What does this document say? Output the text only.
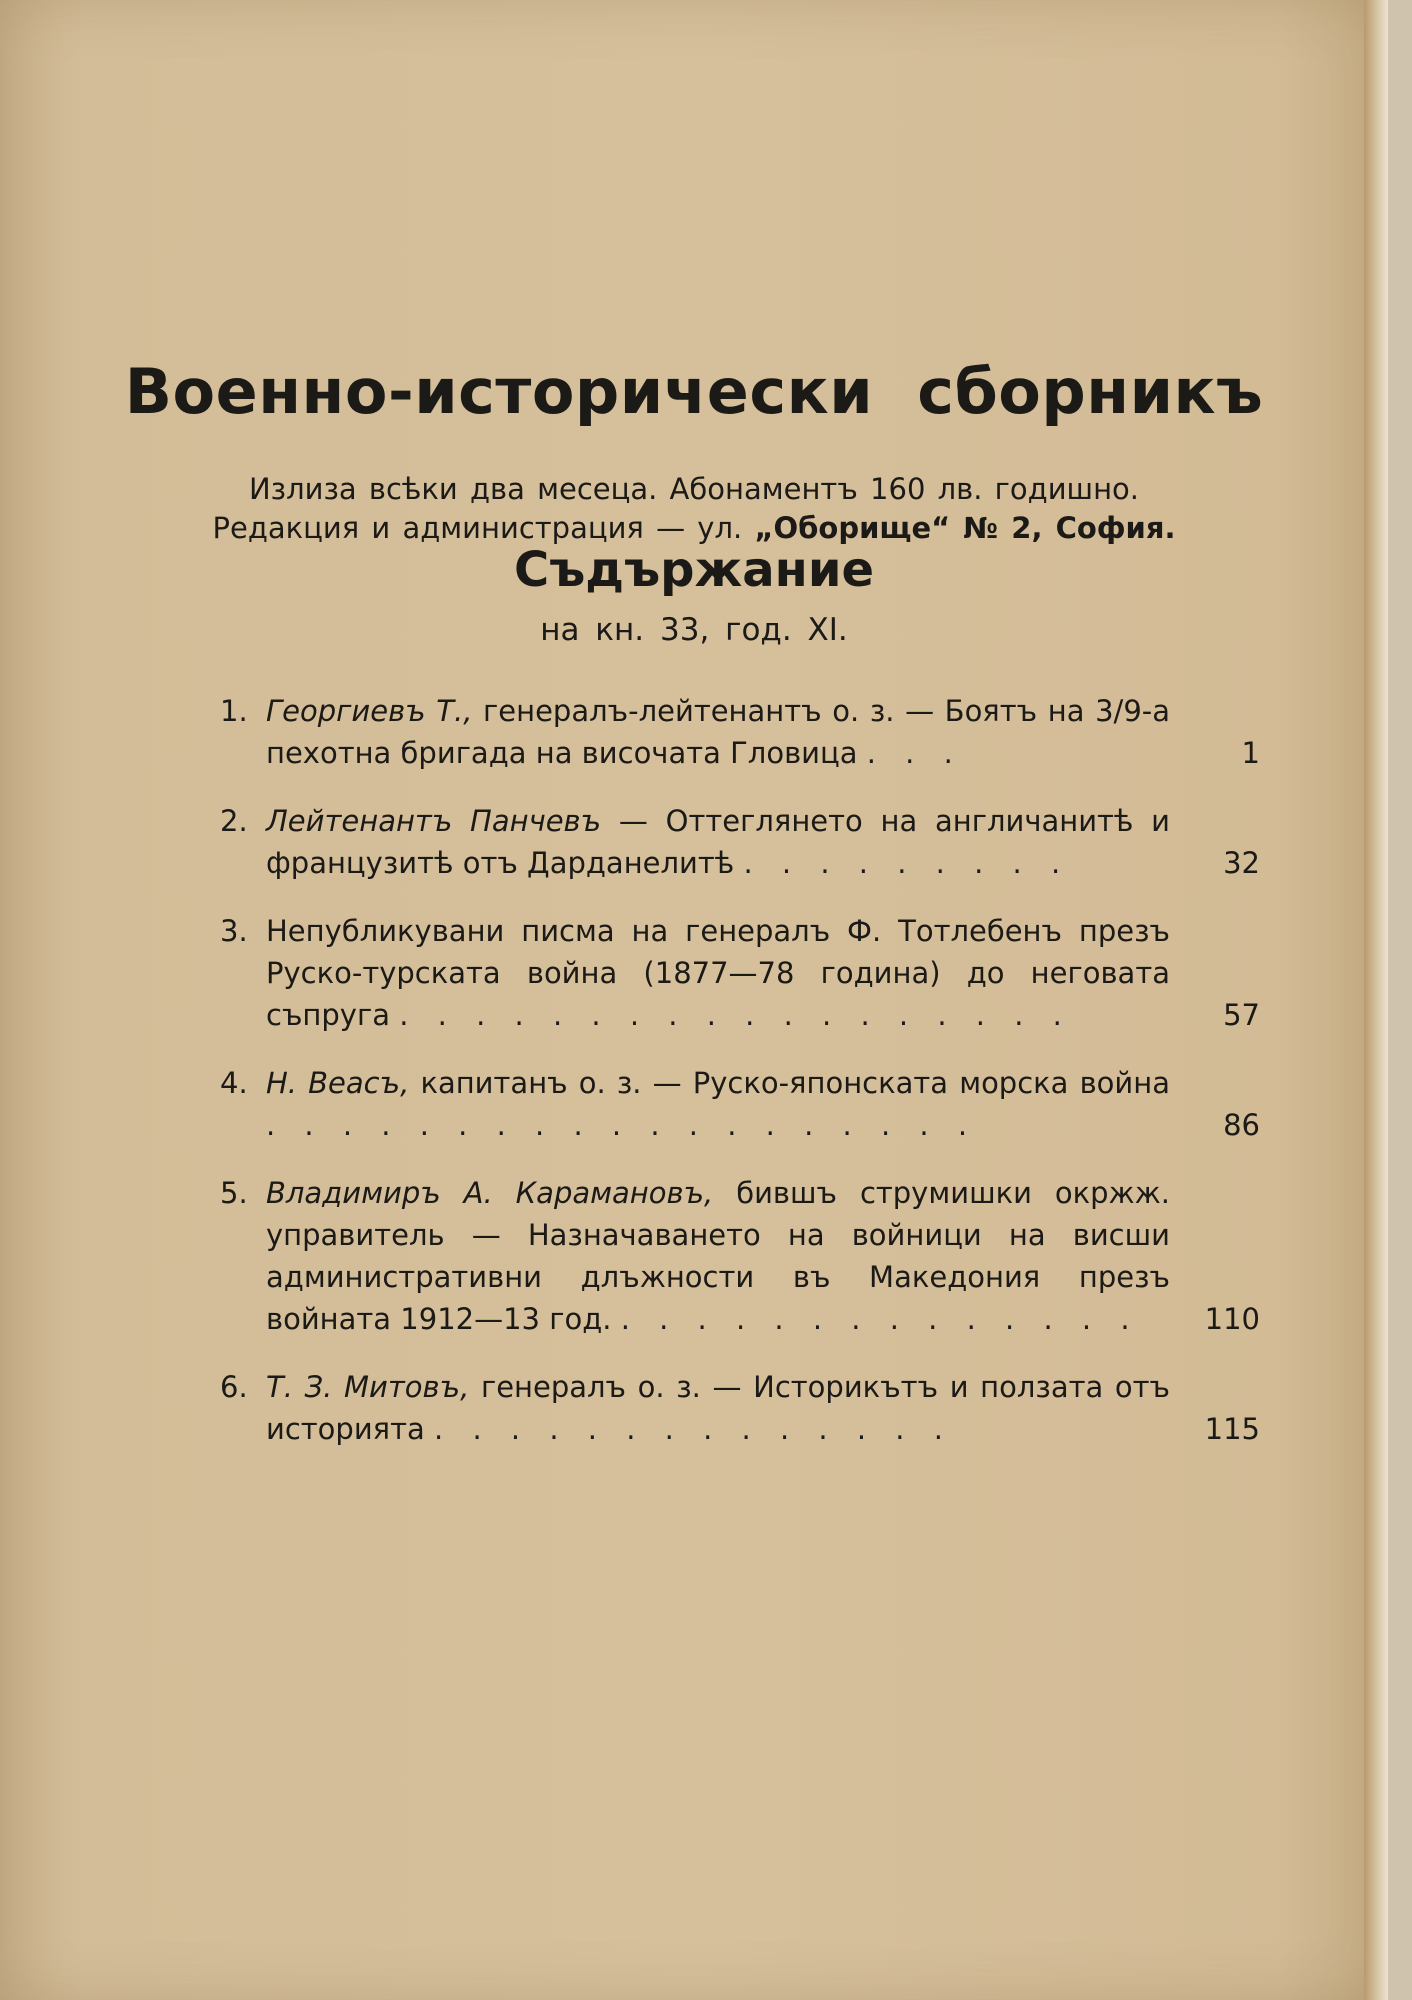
Военно-исторически сборникъ
Излиза всѣки два месеца. Абонаментъ 160 лв. годишно.
Редакция и администрация — ул. „Оборище“ № 2, София.
Съдържание
на кн. 33, год. XI.
1. Георгиевъ Т., генералъ-лейтенантъ о. з. — Боятъ на 3/9-а пехотна бригада на височата Гловица . . .	1
2. Лейтенантъ Панчевъ — Оттеглянето на англичанитѣ и французитѣ отъ Дарданелитѣ . . . . . . . . .	32
3. Непубликувани писма на генералъ Ф. Тотлебенъ презъ Руско-турската война (1877—78 година) до неговата съпруга . . . . . . . . . . . . . . . . . .	57
4. Н. Веасъ, капитанъ о. з. — Руско-японската морска война . . . . . . . . . . . . . . . . . . .	86
5. Владимиръ А. Карамановъ, бившъ струмишки окржж. управитель — Назначаването на войници на висши административни длъжности въ Македония презъ войната 1912—13 год. . . . . . . . . . . . . . .	110
6. Т. З. Митовъ, генералъ о. з. — Историкътъ и ползата отъ историята . . . . . . . . . . . . . .	115
